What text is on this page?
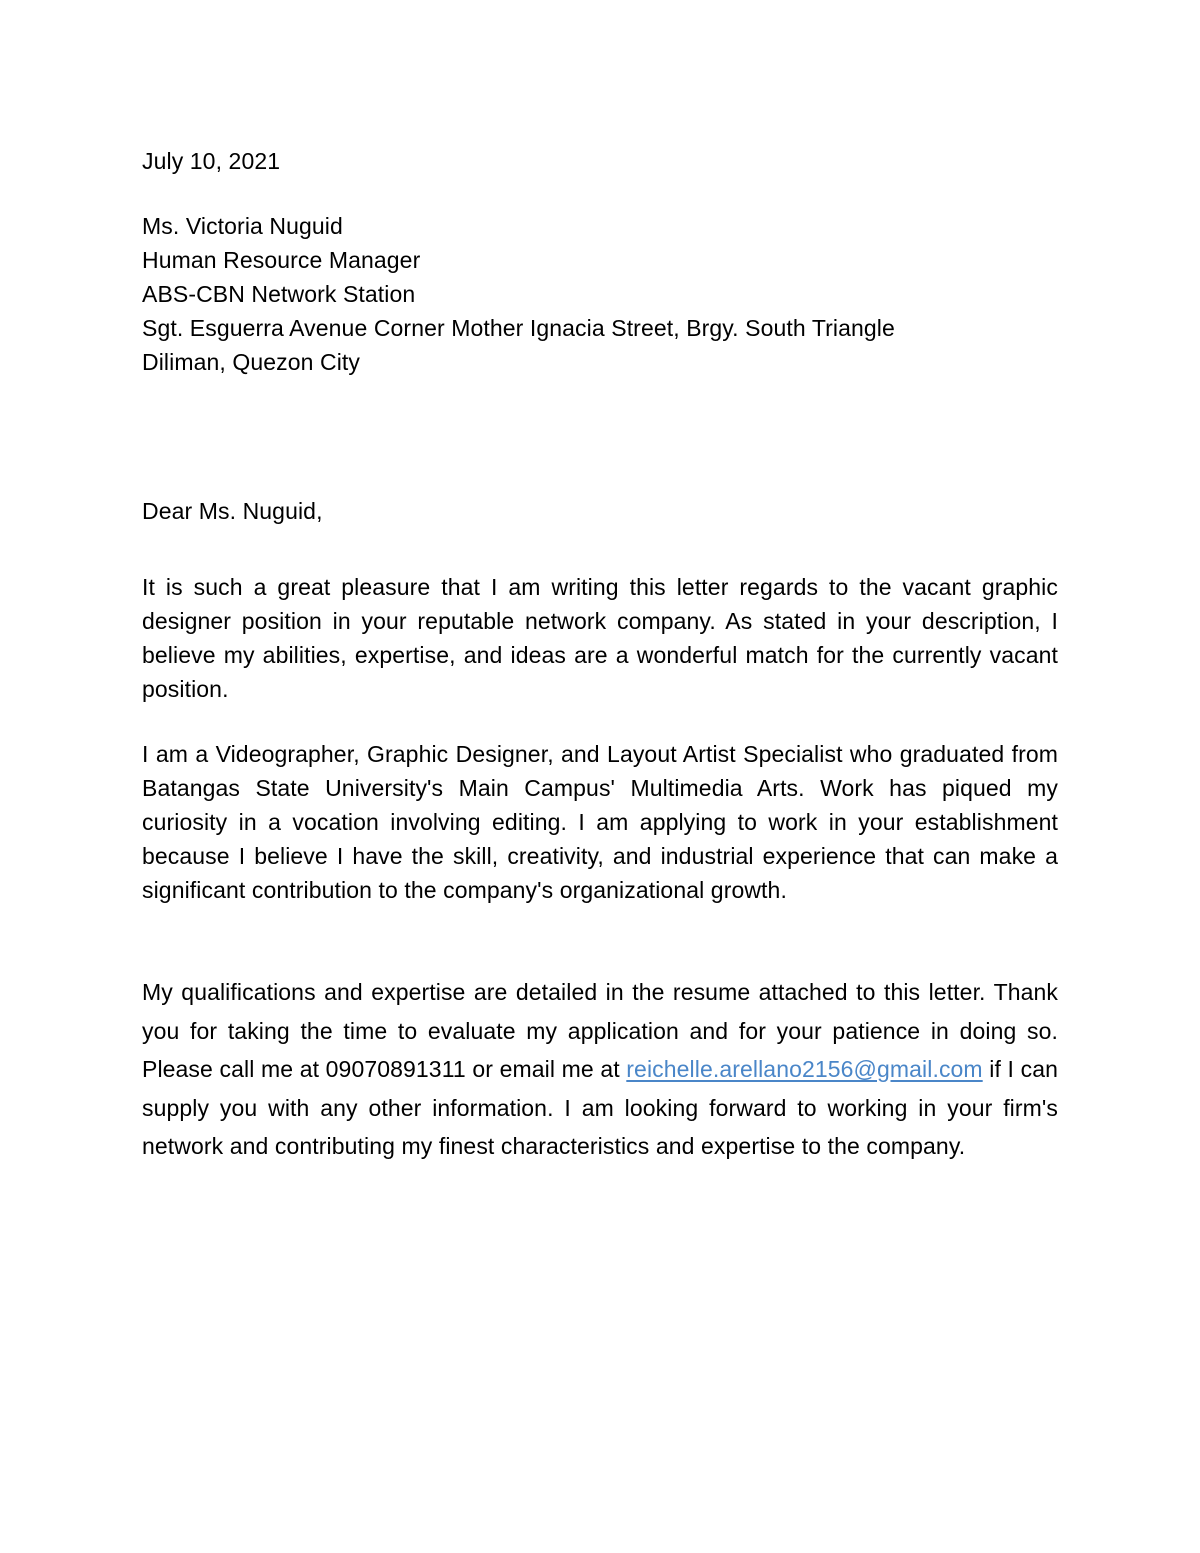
July 10, 2021
Ms. Victoria Nuguid
Human Resource Manager
ABS-CBN Network Station
Sgt. Esguerra Avenue Corner Mother Ignacia Street, Brgy. South Triangle
Diliman, Quezon City
Dear Ms. Nuguid,

It is such a great pleasure that I am writing this letter regards to the vacant graphic designer position in your reputable network company. As stated in your description, I believe my abilities, expertise, and ideas are a wonderful match for the currently vacant position.

I am a Videographer, Graphic Designer, and Layout Artist Specialist who graduated from Batangas State University's Main Campus' Multimedia Arts. Work has piqued my curiosity in a vocation involving editing. I am applying to work in your establishment because I believe I have the skill, creativity, and industrial experience that can make a significant contribution to the company's organizational growth.

My qualifications and expertise are detailed in the resume attached to this letter. Thank you for taking the time to evaluate my application and for your patience in doing so. Please call me at 09070891311 or email me at reichelle.arellano2156@gmail.com if I can supply you with any other information. I am looking forward to working in your firm's network and contributing my finest characteristics and expertise to the company.
